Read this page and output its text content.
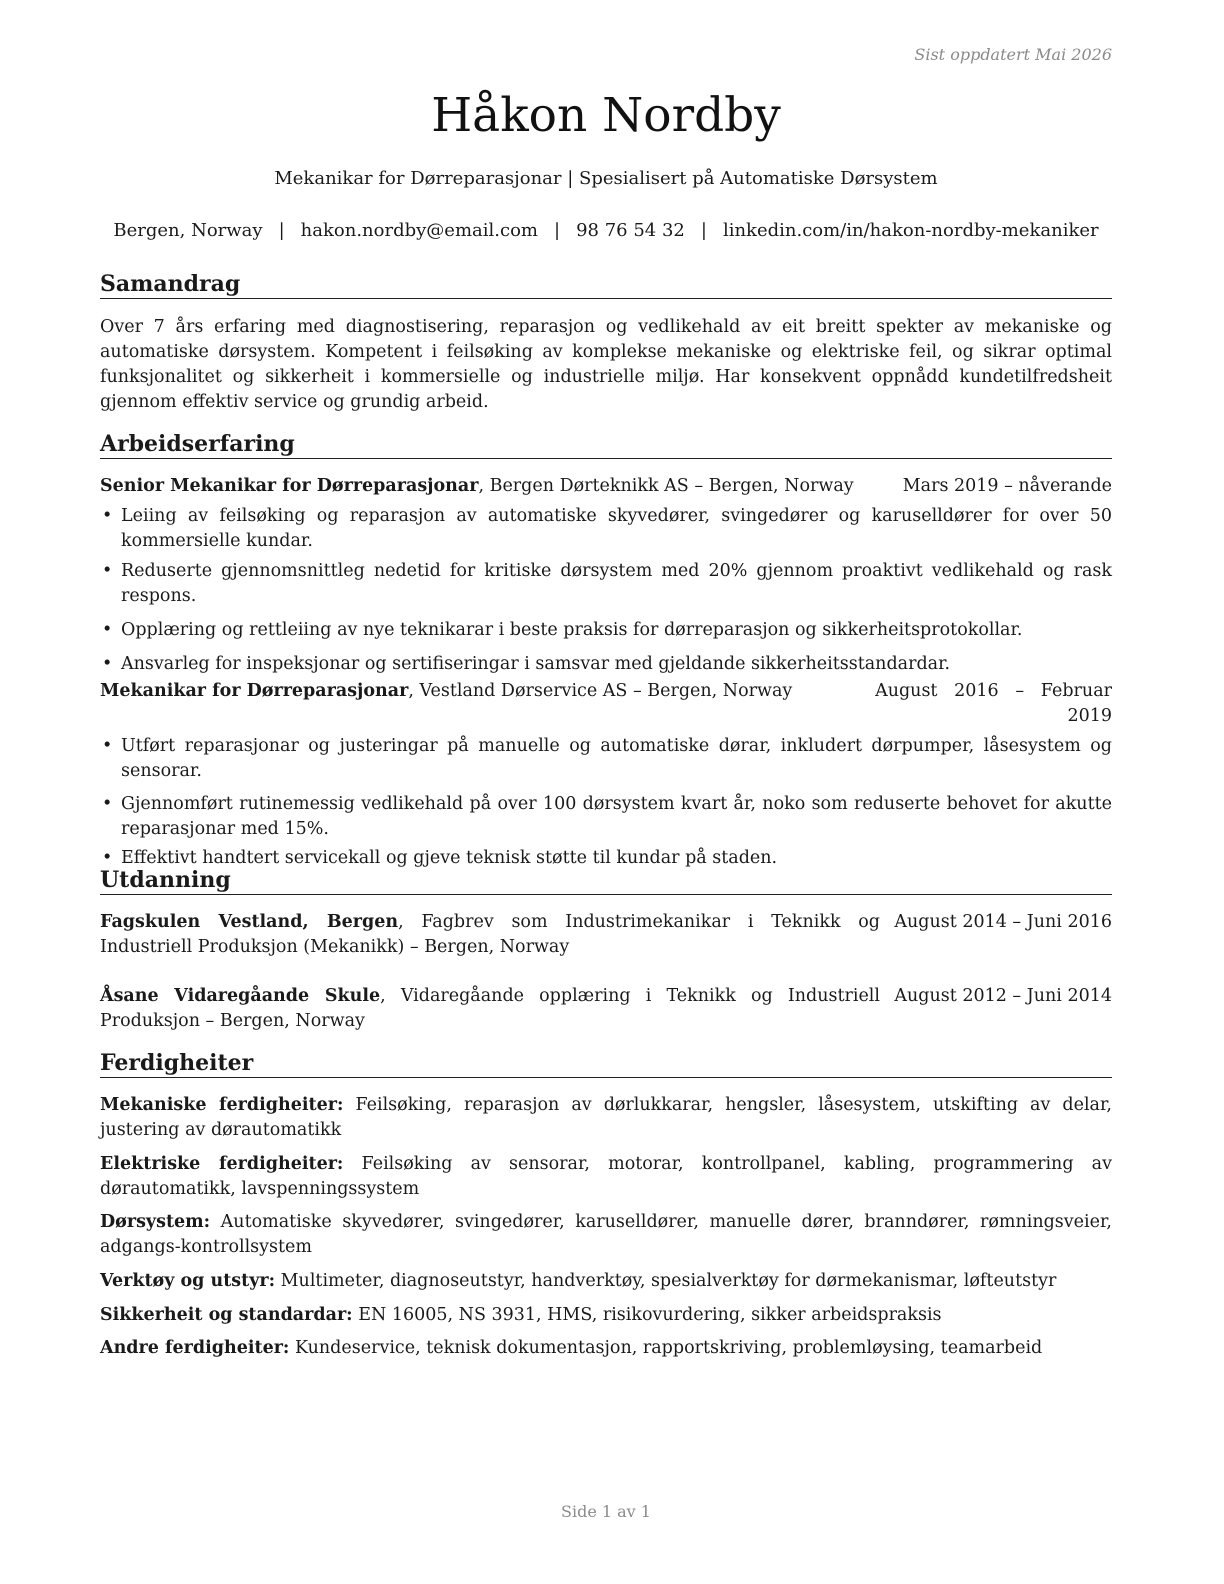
Sist oppdatert Mai 2026
Håkon Nordby
Mekanikar for Dørreparasjonar | Spesialisert på Automatiske Dørsystem
Bergen, Norway | hakon.nordby@email.com | 98 76 54 32 | linkedin.com/in/hakon-nordby-mekaniker
Samandrag
Over 7 års erfaring med diagnostisering, reparasjon og vedlikehald av eit breitt spekter av mekaniske og automatiske dørsystem. Kompetent i feilsøking av komplekse mekaniske og elektriske feil, og sikrar optimal funksjonalitet og sikkerheit i kommersielle og industrielle miljø. Har konsekvent oppnådd kundetilfredsheit gjennom effektiv service og grundig arbeid.
Arbeidserfaring
Senior Mekanikar for Dørreparasjonar, Bergen Dørteknikk AS – Bergen, Norway	Mars 2019 – nåverande
• Leiing av feilsøking og reparasjon av automatiske skyvedører, svingedører og karuselldører for over 50 kommersielle kundar.
• Reduserte gjennomsnittleg nedetid for kritiske dørsystem med 20% gjennom proaktivt vedlikehald og rask respons.
• Opplæring og rettleiing av nye teknikarar i beste praksis for dørreparasjon og sikkerheitsprotokollar.
• Ansvarleg for inspeksjonar og sertifiseringar i samsvar med gjeldande sikkerheitsstandardar.
Mekanikar for Dørreparasjonar, Vestland Dørservice AS – Bergen, Norway	August   2016   –   Februar
2019
• Utført reparasjonar og justeringar på manuelle og automatiske dørar, inkludert dørpumper, låsesystem og sensorar.
• Gjennomført rutinemessig vedlikehald på over 100 dørsystem kvart år, noko som reduserte behovet for akutte reparasjonar med 15%.
• Effektivt handtert servicekall og gjeve teknisk støtte til kundar på staden.
Utdanning
Fagskulen Vestland, Bergen, Fagbrev som Industrimekanikar i Teknikk og Industriell Produksjon (Mekanikk) – Bergen, Norway
August 2014 – Juni 2016
Åsane Vidaregåande Skule, Vidaregåande opplæring i Teknikk og Industriell Produksjon – Bergen, Norway
August 2012 – Juni 2014
Ferdigheiter
Mekaniske ferdigheiter: Feilsøking, reparasjon av dørlukkarar, hengsler, låsesystem, utskifting av delar, justering av dørautomatikk
Elektriske ferdigheiter: Feilsøking av sensorar, motorar, kontrollpanel, kabling, programmering av dørautomatikk, lavspenningssystem
Dørsystem: Automatiske skyvedører, svingedører, karuselldører, manuelle dører, branndører, rømningsveier, adgangs-kontrollsystem
Verktøy og utstyr: Multimeter, diagnoseutstyr, handverktøy, spesialverktøy for dørmekanismar, løfteutstyr
Sikkerheit og standardar: EN 16005, NS 3931, HMS, risikovurdering, sikker arbeidspraksis
Andre ferdigheiter: Kundeservice, teknisk dokumentasjon, rapportskriving, problemløysing, teamarbeid
Side 1 av 1
